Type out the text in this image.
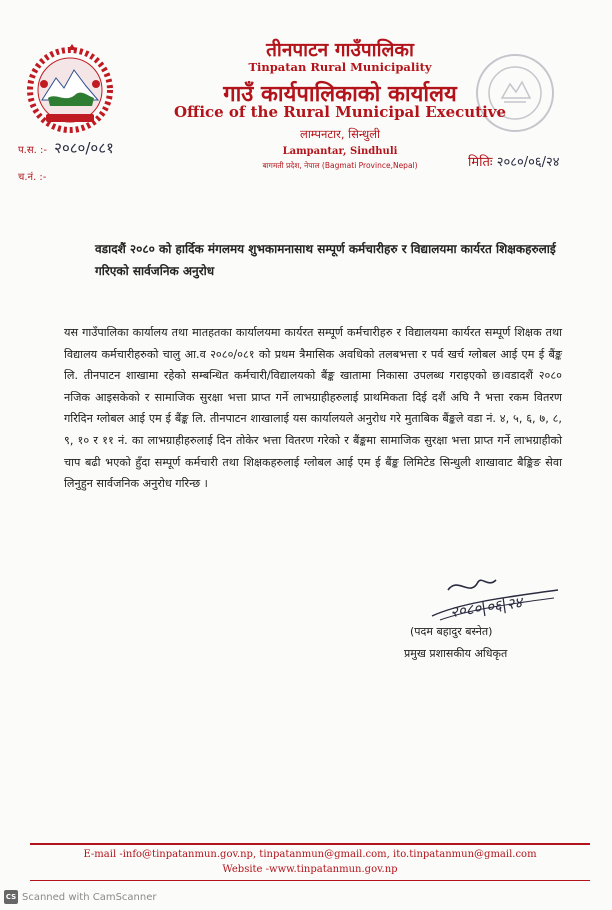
तीनपाटन गाउँपालिका
Tinpatan Rural Municipality
गाउँ कार्यपालिकाको कार्यालय
Office of the Rural Municipal Executive
लाम्पनटार, सिन्धुली
Lampantar, Sindhuli
बागमती प्रदेश, नेपाल (Bagmati Province,Nepal)
प.स. :- २०८०/०८१
च.नं. :-
मितिः २०८०/०६/२४
वडादशैं २०८० को हार्दिक मंगलमय शुभकामनासाथ सम्पूर्ण कर्मचारीहरु र विद्यालयमा कार्यरत शिक्षकहरुलाई गरिएको सार्वजनिक अनुरोध
यस गाउँपालिका कार्यालय तथा मातहतका कार्यालयमा कार्यरत सम्पूर्ण कर्मचारीहरु र विद्यालयमा कार्यरत सम्पूर्ण शिक्षक तथा विद्यालय कर्मचारीहरुको चालु आ.व २०८०/०८१ को प्रथम त्रैमासिक अवधिको तलबभत्ता र पर्व खर्च ग्लोबल आई एम ई बैंङ्क लि. तीनपाटन शाखामा रहेको सम्बन्धित कर्मचारी/विद्यालयको बैंङ्क खातामा निकासा उपलब्ध गराइएको छ।वडादशैं २०८० नजिक आइसकेको र सामाजिक सुरक्षा भत्ता प्राप्त गर्ने लाभग्राहीहरुलाई प्राथमिकता दिई दशैं अघि नै भत्ता रकम वितरण गरिदिन ग्लोबल आई एम ई बैंङ्क लि. तीनपाटन शाखालाई यस कार्यालयले अनुरोध गरे मुताबिक बैंङ्कले वडा नं. ४, ५, ६, ७, ८, ९, १० र ११ नं. का लाभग्राहीहरुलाई दिन तोकेर भत्ता वितरण गरेको र बैंङ्कमा सामाजिक सुरक्षा भत्ता प्राप्त गर्ने लाभग्राहीको चाप बढी भएको हुँदा सम्पूर्ण कर्मचारी तथा शिक्षकहरुलाई ग्लोबल आई एम ई बैंङ्क लिमिटेड सिन्धुली शाखावाट बैङ्किङ सेवा लिनुहुन सार्वजनिक अनुरोध गरिन्छ ।
२०८०|०६|२४
(पदम बहादुर बस्नेत)
प्रमुख प्रशासकीय अधिकृत
E-mail -info@tinpatanmun.gov.np, tinpatanmun@gmail.com, ito.tinpatanmun@gmail.com
Website -www.tinpatanmun.gov.np
CS Scanned with CamScanner
